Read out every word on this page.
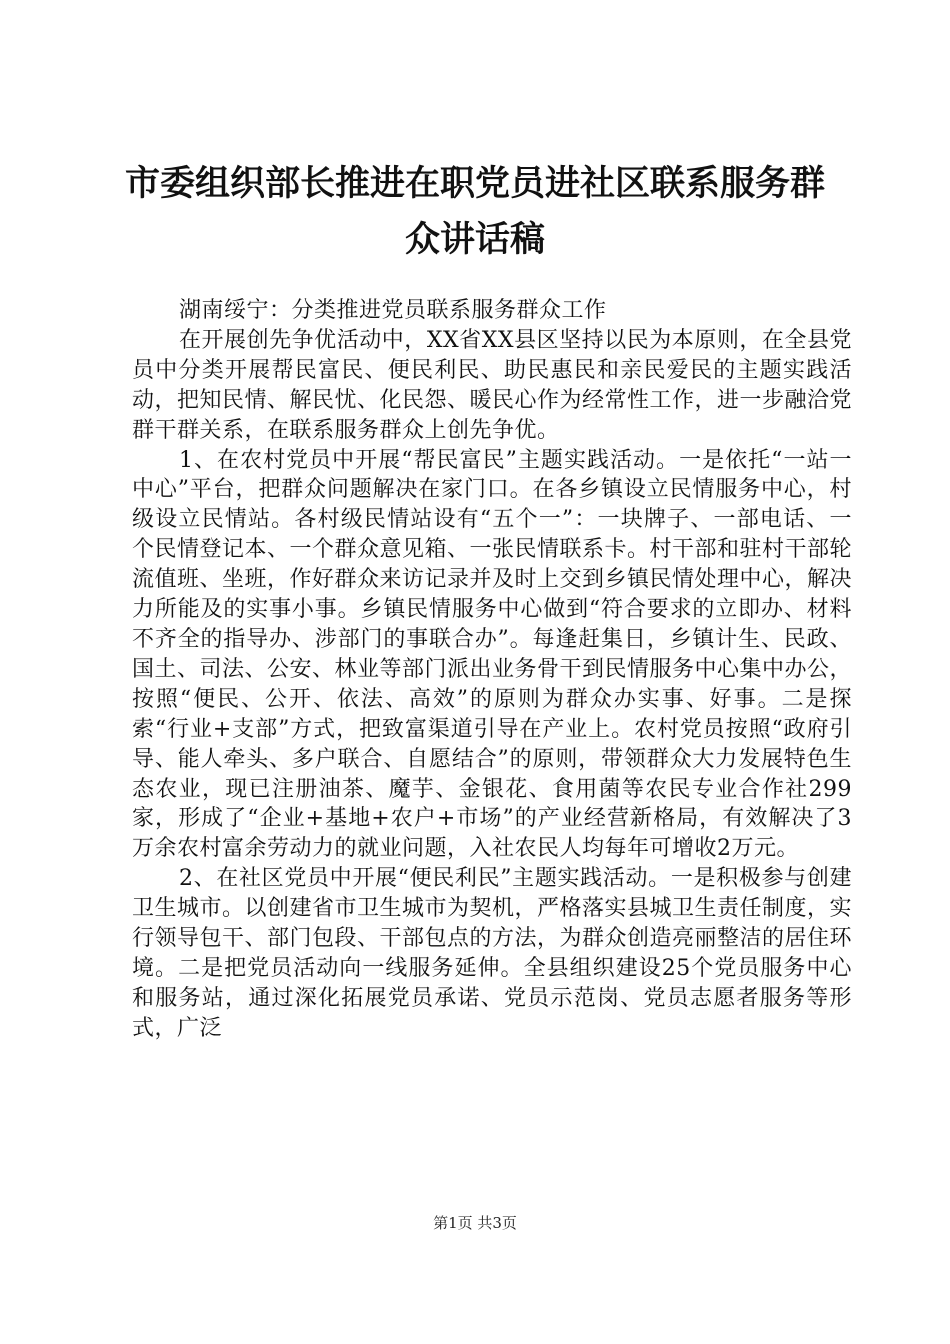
市委组织部长推进在职党员进社区联系服务群
众讲话稿

湖南绥宁：分类推进党员联系服务群众工作

在开展创先争优活动中，XX省XX县区坚持以民为本原则，在全县党员中分类开展帮民富民、便民利民、助民惠民和亲民爱民的主题实践活动，把知民情、解民忧、化民怨、暖民心作为经常性工作，进一步融洽党群干群关系，在联系服务群众上创先争优。

1、在农村党员中开展“帮民富民”主题实践活动。一是依托“一站一中心”平台，把群众问题解决在家门口。在各乡镇设立民情服务中心，村级设立民情站。各村级民情站设有“五个一”：一块牌子、一部电话、一个民情登记本、一个群众意见箱、一张民情联系卡。村干部和驻村干部轮流值班、坐班，作好群众来访记录并及时上交到乡镇民情处理中心，解决力所能及的实事小事。乡镇民情服务中心做到“符合要求的立即办、材料不齐全的指导办、涉部门的事联合办”。每逢赶集日，乡镇计生、民政、国土、司法、公安、林业等部门派出业务骨干到民情服务中心集中办公，按照“便民、公开、依法、高效”的原则为群众办实事、好事。二是探索“行业+支部”方式，把致富渠道引导在产业上。农村党员按照“政府引导、能人牵头、多户联合、自愿结合”的原则，带领群众大力发展特色生态农业，现已注册油茶、魔芋、金银花、食用菌等农民专业合作社299家，形成了“企业+基地+农户+市场”的产业经营新格局，有效解决了3万余农村富余劳动力的就业问题，入社农民人均每年可增收2万元。

2、在社区党员中开展“便民利民”主题实践活动。一是积极参与创建卫生城市。以创建省市卫生城市为契机，严格落实县城卫生责任制度，实行领导包干、部门包段、干部包点的方法，为群众创造亮丽整洁的居住环境。二是把党员活动向一线服务延伸。全县组织建设25个党员服务中心和服务站，通过深化拓展党员承诺、党员示范岗、党员志愿者服务等形式，广泛

第1页 共3页
